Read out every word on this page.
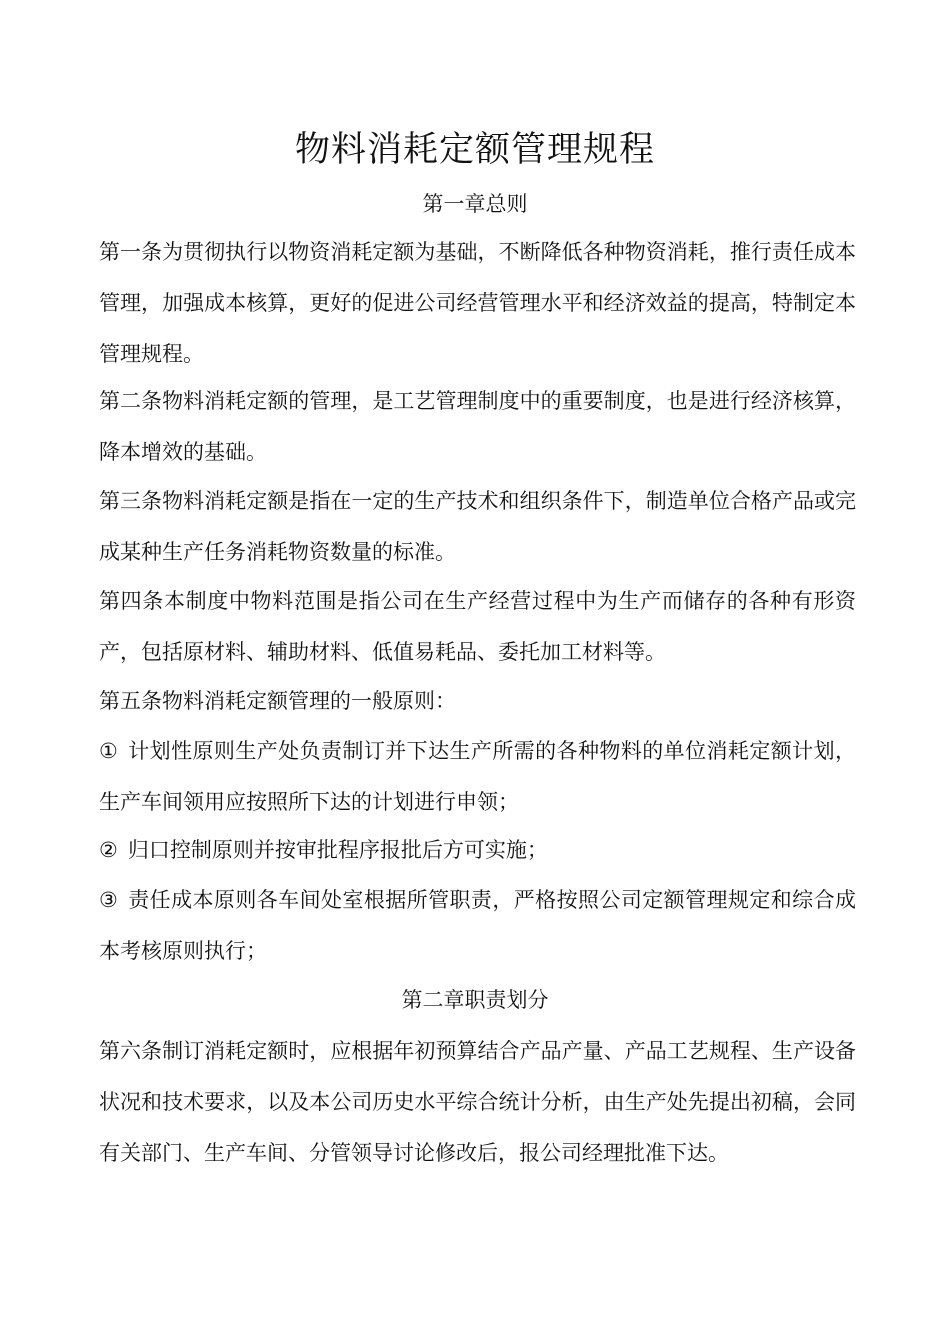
物料消耗定额管理规程
第一章总则
第一条为贯彻执行以物资消耗定额为基础，不断降低各种物资消耗，推行责任成本管理，加强成本核算，更好的促进公司经营管理水平和经济效益的提高，特制定本管理规程。
第二条物料消耗定额的管理，是工艺管理制度中的重要制度，也是进行经济核算，降本增效的基础。
第三条物料消耗定额是指在一定的生产技术和组织条件下，制造单位合格产品或完成某种生产任务消耗物资数量的标准。
第四条本制度中物料范围是指公司在生产经营过程中为生产而储存的各种有形资产，包括原材料、辅助材料、低值易耗品、委托加工材料等。
第五条物料消耗定额管理的一般原则：
① 计划性原则生产处负责制订并下达生产所需的各种物料的单位消耗定额计划，生产车间领用应按照所下达的计划进行申领；
② 归口控制原则并按审批程序报批后方可实施；
③ 责任成本原则各车间处室根据所管职责，严格按照公司定额管理规定和综合成本考核原则执行；
第二章职责划分
第六条制订消耗定额时，应根据年初预算结合产品产量、产品工艺规程、生产设备状况和技术要求，以及本公司历史水平综合统计分析，由生产处先提出初稿，会同有关部门、生产车间、分管领导讨论修改后，报公司经理批准下达。
